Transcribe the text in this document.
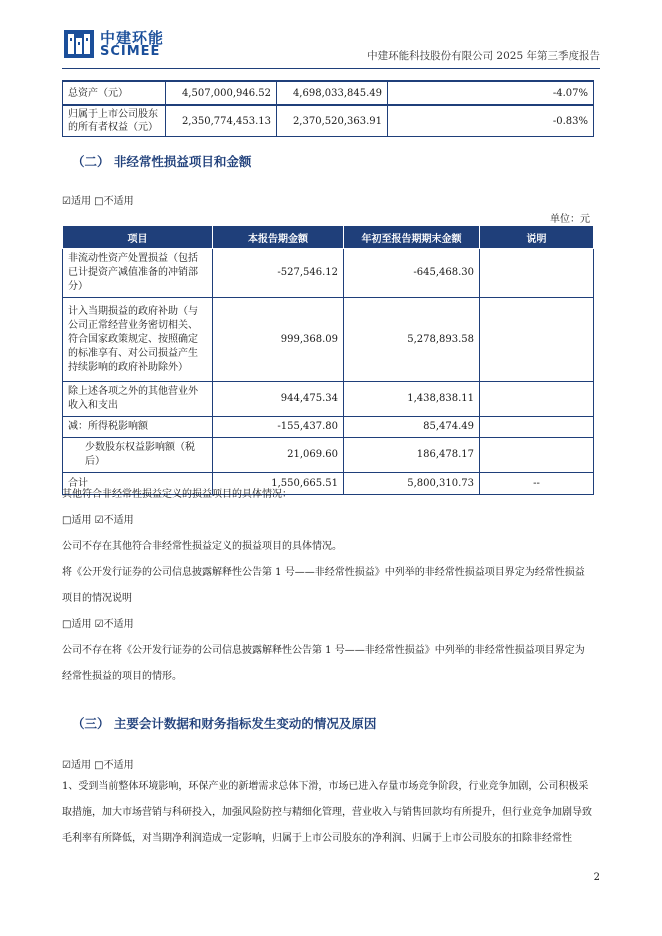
中建环能
SCIMEE	中建环能科技股份有限公司 2025 年第三季度报告
总资产（元）	4,507,000,946.52	4,698,033,845.49	-4.07%
归属于上市公司股东的所有者权益（元）	2,350,774,453.13	2,370,520,363.91	-0.83%
（二） 非经常性损益项目和金额
☑适用 □不适用
单位：元
项目	本报告期金额	年初至报告期期末金额	说明
非流动性资产处置损益（包括已计提资产减值准备的冲销部分）	-527,546.12	-645,468.30	
计入当期损益的政府补助（与公司正常经营业务密切相关、符合国家政策规定、按照确定的标准享有、对公司损益产生持续影响的政府补助除外）	999,368.09	5,278,893.58	
除上述各项之外的其他营业外收入和支出	944,475.34	1,438,838.11	
减：所得税影响额	-155,437.80	85,474.49	
少数股东权益影响额（税后）	21,069.60	186,478.17	
合计	1,550,665.51	5,800,310.73	--
其他符合非经常性损益定义的损益项目的具体情况：
□适用 ☑不适用
公司不存在其他符合非经常性损益定义的损益项目的具体情况。
将《公开发行证券的公司信息披露解释性公告第 1 号——非经常性损益》中列举的非经常性损益项目界定为经常性损益项目的情况说明
□适用 ☑不适用
公司不存在将《公开发行证券的公司信息披露解释性公告第 1 号——非经常性损益》中列举的非经常性损益项目界定为经常性损益的项目的情形。
（三） 主要会计数据和财务指标发生变动的情况及原因
☑适用 □不适用
1、受到当前整体环境影响，环保产业的新增需求总体下滑，市场已进入存量市场竞争阶段，行业竞争加剧，公司积极采取措施，加大市场营销与科研投入，加强风险防控与精细化管理，营业收入与销售回款均有所提升，但行业竞争加剧导致毛利率有所降低，对当期净利润造成一定影响，归属于上市公司股东的净利润、归属于上市公司股东的扣除非经常性
2
